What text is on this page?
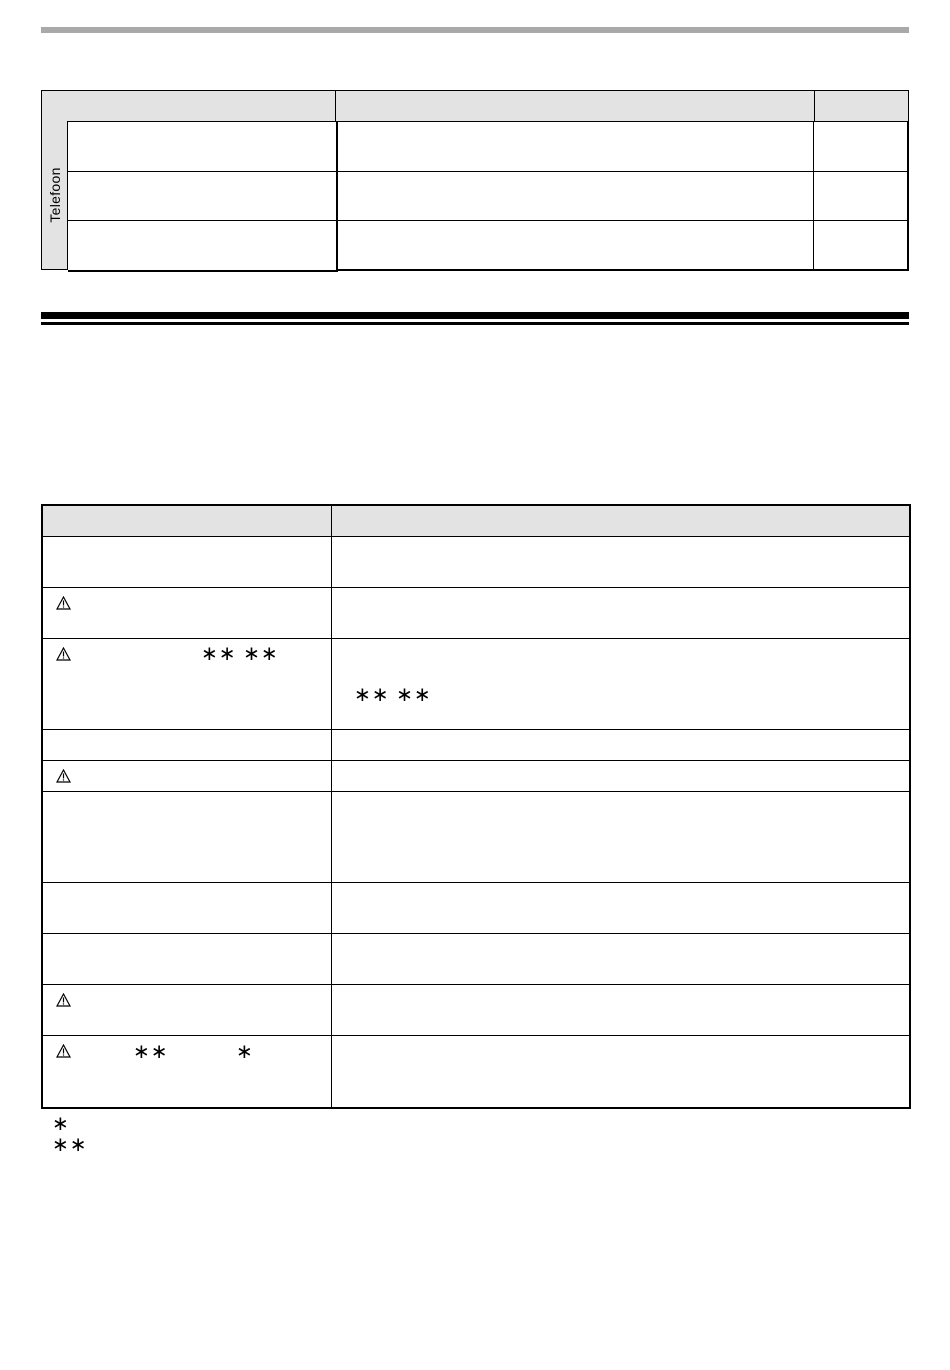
Telefoon
∗∗ ∗∗
∗∗ ∗∗
∗∗	∗
∗
∗∗
